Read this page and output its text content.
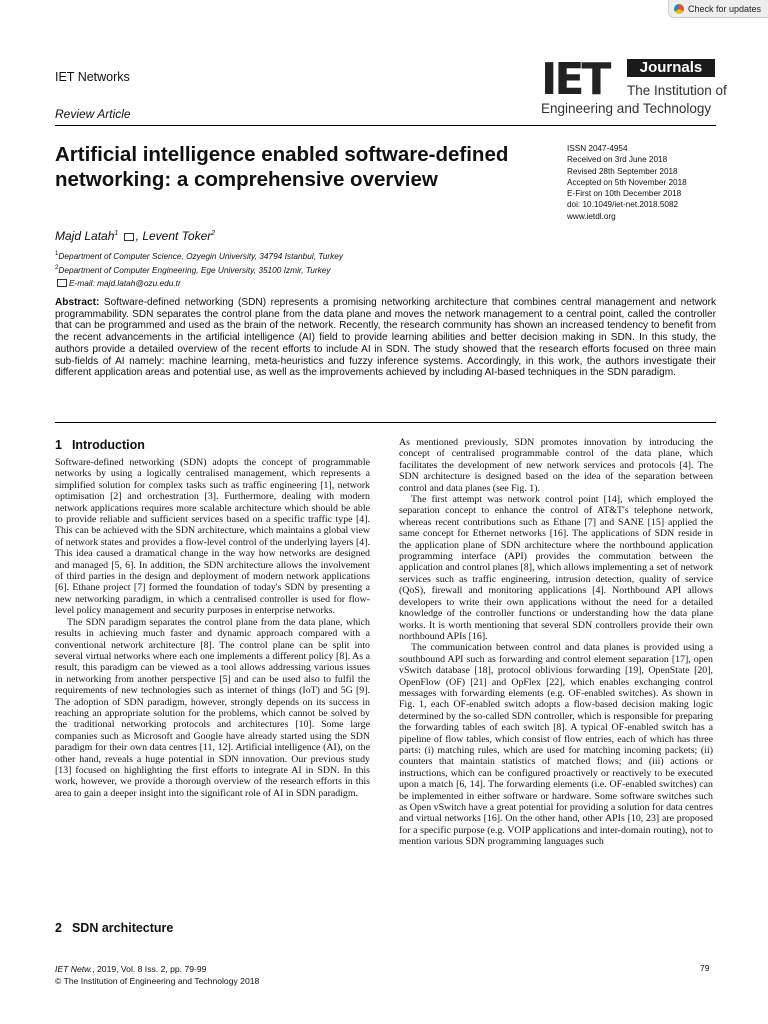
Check for updates
IET Networks
Review Article
IET	Journals
The Institution of
Engineering and Technology
Artificial intelligence enabled software-defined networking: a comprehensive overview
ISSN 2047-4954
Received on 3rd June 2018
Revised 28th September 2018
Accepted on 5th November 2018
E-First on 10th December 2018
doi: 10.1049/iet-net.2018.5082
www.ietdl.org
Majd Latah$^1$ , Levent Toker$^2$
$^1$Department of Computer Science, Ozyegin University, 34794 Istanbul, Turkey
$^2$Department of Computer Engineering, Ege University, 35100 Izmir, Turkey
E-mail: majd.latah@ozu.edu.tr

Abstract: Software-defined networking (SDN) represents a promising networking architecture that combines central management and network programmability. SDN separates the control plane from the data plane and moves the network management to a central point, called the controller that can be programmed and used as the brain of the network. Recently, the research community has shown an increased tendency to benefit from the recent advancements in the artificial intelligence (AI) field to provide learning abilities and better decision making in SDN. In this study, the authors provide a detailed overview of the recent efforts to include AI in SDN. The study showed that the research efforts focused on three main sub-fields of AI namely: machine learning, meta-heuristics and fuzzy inference systems. Accordingly, in this work, the authors investigate their different application areas and potential use, as well as the improvements achieved by including AI-based techniques in the SDN paradigm.

1 Introduction

Software-defined networking (SDN) adopts the concept of programmable networks by using a logically centralised management, which represents a simplified solution for complex tasks such as traffic engineering [1], network optimisation [2] and orchestration [3]. Furthermore, dealing with modern network applications requires more scalable architecture which should be able to provide reliable and sufficient services based on a specific traffic type [4]. This can be achieved with the SDN architecture, which maintains a global view of network states and provides a flow-level control of the underlying layers [4]. This idea caused a dramatical change in the way how networks are designed and managed [5, 6]. In addition, the SDN architecture allows the involvement of third parties in the design and deployment of modern network applications [6]. Ethane project [7] formed the foundation of today's SDN by presenting a new networking paradigm, in which a centralised controller is used for flow-level policy management and security purposes in enterprise networks.

The SDN paradigm separates the control plane from the data plane, which results in achieving much faster and dynamic approach compared with a conventional network architecture [8]. The control plane can be split into several virtual networks where each one implements a different policy [8]. As a result, this paradigm can be viewed as a tool allows addressing various issues in networking from another perspective [5] and can be used also to fulfil the requirements of new technologies such as internet of things (IoT) and 5G [9]. The adoption of SDN paradigm, however, strongly depends on its success in reaching an appropriate solution for the problems, which cannot be solved by the traditional networking protocols and architectures [10]. Some large companies such as Microsoft and Google have already started using the SDN paradigm for their own data centres [11, 12]. Artificial intelligence (AI), on the other hand, reveals a huge potential in SDN innovation. Our previous study [13] focused on highlighting the first efforts to integrate AI in SDN. In this work, however, we provide a thorough overview of the research efforts in this area to gain a deeper insight into the significant role of AI in SDN paradigm.

2 SDN architecture

As mentioned previously, SDN promotes innovation by introducing the concept of centralised programmable control of the data plane, which facilitates the development of new network services and protocols [4]. The SDN architecture is designed based on the idea of the separation between control and data planes (see Fig. 1).

The first attempt was network control point [14], which employed the separation concept to enhance the control of AT&T's telephone network, whereas recent contributions such as Ethane [7] and SANE [15] applied the same concept for Ethernet networks [16]. The applications of SDN reside in the application plane of SDN architecture where the northbound application programming interface (API) provides the commutation between the application and control planes [8], which allows implementing a set of network services such as traffic engineering, intrusion detection, quality of service (QoS), firewall and monitoring applications [4]. Northbound API allows developers to write their own applications without the need for a detailed knowledge of the controller functions or understanding how the data plane works. It is worth mentioning that several SDN controllers provide their own northbound APIs [16].

The communication between control and data planes is provided using a southbound API such as forwarding and control element separation [17], open vSwitch database [18], protocol oblivious forwarding [19], OpenState [20], OpenFlow (OF) [21] and OpFlex [22], which enables exchanging control messages with forwarding elements (e.g. OF-enabled switches). As shown in Fig. 1, each OF-enabled switch adopts a flow-based decision making logic determined by the so-called SDN controller, which is responsible for preparing the forwarding tables of each switch [8]. A typical OF-enabled switch has a pipeline of flow tables, which consist of flow entries, each of which has three parts: (i) matching rules, which are used for matching incoming packets; (ii) counters that maintain statistics of matched flows; and (iii) actions or instructions, which can be configured proactively or reactively to be executed upon a match [6, 14]. The forwarding elements (i.e. OF-enabled switches) can be implemented in either software or hardware. Some software switches such as Open vSwitch have a great potential for providing a solution for data centres and virtual networks [16]. On the other hand, other APIs [10, 23] are proposed for a specific purpose (e.g. VOIP applications and inter-domain routing), not to mention various SDN programming languages such

IET Netw., 2019, Vol. 8 Iss. 2, pp. 79-99
© The Institution of Engineering and Technology 2018
79
